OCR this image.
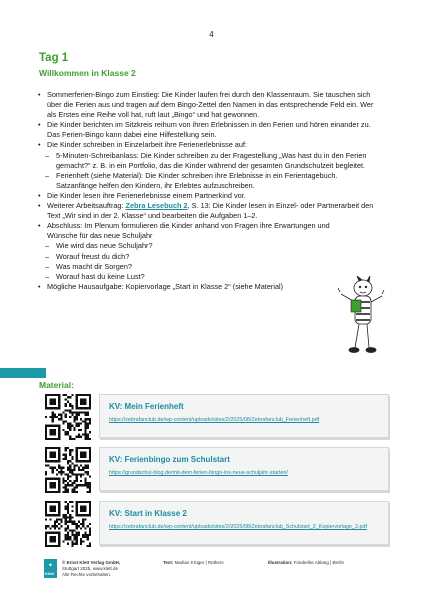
4
Tag 1
Willkommen in Klasse 2
• Sommerferien-Bingo zum Einstieg: Die Kinder laufen frei durch den Klassenraum. Sie tauschen sich über die Ferien aus und tragen auf dem Bingo-Zettel den Namen in das entsprechende Feld ein. Wer als Erstes eine Reihe voll hat, ruft laut „Bingo“ und hat gewonnen.
• Die Kinder berichten im Sitzkreis reihum von ihren Erlebnissen in den Ferien und hören einander zu. Das Ferien-Bingo kann dabei eine Hilfestellung sein.
• Die Kinder schreiben in Einzelarbeit ihre Ferienerlebnisse auf:
– 5-Minuten-Schreibanlass: Die Kinder schreiben zu der Fragestellung „Was hast du in den Ferien gemacht?“ z. B. in ein Portfolio, das die Kinder während der gesamten Grundschulzeit begleitet.
– Ferienheft (siehe Material): Die Kinder schreiben ihre Erlebnisse in ein Ferientagebuch. Satzanfänge helfen den Kindern, ihr Erlebtes aufzuschreiben.
• Die Kinder lesen ihre Ferienerlebnisse einem Partnerkind vor.
• Weiterer Arbeitsauftrag: Zebra Lesebuch 2, S. 13: Die Kinder lesen in Einzel- oder Partnerarbeit den Text „Wir sind in der 2. Klasse“ und bearbeiten die Aufgaben 1–2.
• Abschluss: Im Plenum formulieren die Kinder anhand von Fragen ihre Erwartungen und Wünsche für das neue Schuljahr
– Wie wird das neue Schuljahr?
– Worauf freust du dich?
– Was macht dir Sorgen?
– Worauf hast du keine Lust?
• Mögliche Hausaufgabe: Kopiervorlage „Start in Klasse 2“ (siehe Material)
Material:
KV: Mein Ferienheft
https://zebrafanclub.de/wp-content/uploads/sites/2/2025/08/Zebrafanclub_Ferienheft.pdf
KV: Ferienbingo zum Schulstart
https://grundschul-blog.de/mit-dem-ferien-bingo-ins-neue-schuljahr-starten/
KV: Start in Klasse 2
https://zebrafanclub.de/wp-content/uploads/sites/2/2025/08/Zebrafanclub_Schulstart_2_Kopiervorlage_2.pdf
✦
Klett
© Ernst Klett Verlag GmbH,
Stuttgart 2025, www.klett.de
Alle Rechte vorbehalten.
Text: Marlian Krüger | Rüthers	Illustration: Friederike Ablang | Berlin
